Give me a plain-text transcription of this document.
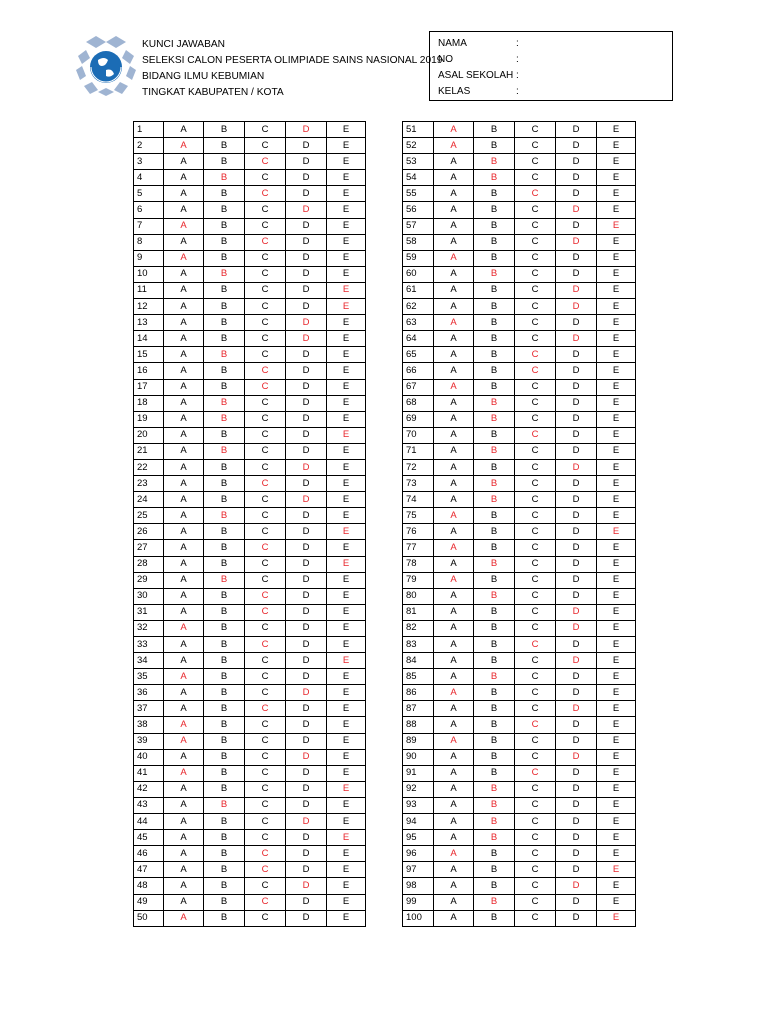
KUNCI JAWABAN
SELEKSI CALON PESERTA OLIMPIADE SAINS NASIONAL 2019
BIDANG ILMU KEBUMIAN
TINGKAT KABUPATEN / KOTA
NAMA	:
NO	:
ASAL SEKOLAH :
KELAS	:
1	A	B	C	D	E
2	A	B	C	D	E
3	A	B	C	D	E
4	A	B	C	D	E
5	A	B	C	D	E
6	A	B	C	D	E
7	A	B	C	D	E
8	A	B	C	D	E
9	A	B	C	D	E
10	A	B	C	D	E
11	A	B	C	D	E
12	A	B	C	D	E
13	A	B	C	D	E
14	A	B	C	D	E
15	A	B	C	D	E
16	A	B	C	D	E
17	A	B	C	D	E
18	A	B	C	D	E
19	A	B	C	D	E
20	A	B	C	D	E
21	A	B	C	D	E
22	A	B	C	D	E
23	A	B	C	D	E
24	A	B	C	D	E
25	A	B	C	D	E
26	A	B	C	D	E
27	A	B	C	D	E
28	A	B	C	D	E
29	A	B	C	D	E
30	A	B	C	D	E
31	A	B	C	D	E
32	A	B	C	D	E
33	A	B	C	D	E
34	A	B	C	D	E
35	A	B	C	D	E
36	A	B	C	D	E
37	A	B	C	D	E
38	A	B	C	D	E
39	A	B	C	D	E
40	A	B	C	D	E
41	A	B	C	D	E
42	A	B	C	D	E
43	A	B	C	D	E
44	A	B	C	D	E
45	A	B	C	D	E
46	A	B	C	D	E
47	A	B	C	D	E
48	A	B	C	D	E
49	A	B	C	D	E
50	A	B	C	D	E
51	A	B	C	D	E
52	A	B	C	D	E
53	A	B	C	D	E
54	A	B	C	D	E
55	A	B	C	D	E
56	A	B	C	D	E
57	A	B	C	D	E
58	A	B	C	D	E
59	A	B	C	D	E
60	A	B	C	D	E
61	A	B	C	D	E
62	A	B	C	D	E
63	A	B	C	D	E
64	A	B	C	D	E
65	A	B	C	D	E
66	A	B	C	D	E
67	A	B	C	D	E
68	A	B	C	D	E
69	A	B	C	D	E
70	A	B	C	D	E
71	A	B	C	D	E
72	A	B	C	D	E
73	A	B	C	D	E
74	A	B	C	D	E
75	A	B	C	D	E
76	A	B	C	D	E
77	A	B	C	D	E
78	A	B	C	D	E
79	A	B	C	D	E
80	A	B	C	D	E
81	A	B	C	D	E
82	A	B	C	D	E
83	A	B	C	D	E
84	A	B	C	D	E
85	A	B	C	D	E
86	A	B	C	D	E
87	A	B	C	D	E
88	A	B	C	D	E
89	A	B	C	D	E
90	A	B	C	D	E
91	A	B	C	D	E
92	A	B	C	D	E
93	A	B	C	D	E
94	A	B	C	D	E
95	A	B	C	D	E
96	A	B	C	D	E
97	A	B	C	D	E
98	A	B	C	D	E
99	A	B	C	D	E
100	A	B	C	D	E
